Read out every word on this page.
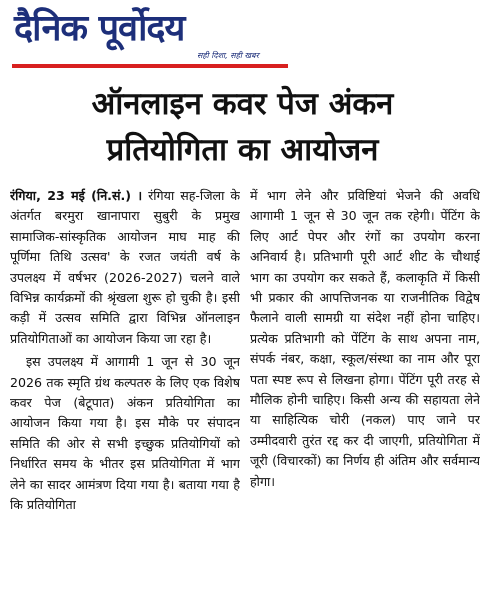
दैनिक पूर्वोदय
सही दिशा, सही खबर
ऑनलाइन कवर पेज अंकन
प्रतियोगिता का आयोजन

रंगिया, 23 मई (नि.सं.) । रंगिया सह-जिला के अंतर्गत बरमुरा खानापारा सुबुरी के प्रमुख सामाजिक-सांस्कृतिक आयोजन माघ माह की पूर्णिमा तिथि उत्सव' के रजत जयंती वर्ष के उपलक्ष्य में वर्षभर (2026-2027) चलने वाले विभिन्न कार्यक्रमों की श्रृंखला शुरू हो चुकी है। इसी कड़ी में उत्सव समिति द्वारा विभिन्न ऑनलाइन प्रतियोगिताओं का आयोजन किया जा रहा है।

इस उपलक्ष्य में आगामी 1 जून से 30 जून 2026 तक स्मृति ग्रंथ कल्पतरु के लिए एक विशेष कवर पेज (बेटूपात) अंकन प्रतियोगिता का आयोजन किया गया है। इस मौके पर संपादन समिति की ओर से सभी इच्छुक प्रतियोगियों को निर्धारित समय के भीतर इस प्रतियोगिता में भाग लेने का सादर आमंत्रण दिया गया है। बताया गया है कि प्रतियोगिता

में भाग लेने और प्रविष्टियां भेजने की अवधि आगामी 1 जून से 30 जून तक रहेगी। पेंटिंग के लिए आर्ट पेपर और रंगों का उपयोग करना अनिवार्य है। प्रतिभागी पूरी आर्ट शीट के चौथाई भाग का उपयोग कर सकते हैं, कलाकृति में किसी भी प्रकार की आपत्तिजनक या राजनीतिक विद्वेष फैलाने वाली सामग्री या संदेश नहीं होना चाहिए। प्रत्येक प्रतिभागी को पेंटिंग के साथ अपना नाम, संपर्क नंबर, कक्षा, स्कूल/संस्था का नाम और पूरा पता स्पष्ट रूप से लिखना होगा। पेंटिंग पूरी तरह से मौलिक होनी चाहिए। किसी अन्य की सहायता लेने या साहित्यिक चोरी (नकल) पाए जाने पर उम्मीदवारी तुरंत रद्द कर दी जाएगी, प्रतियोगिता में जूरी (विचारकों) का निर्णय ही अंतिम और सर्वमान्य होगा।
